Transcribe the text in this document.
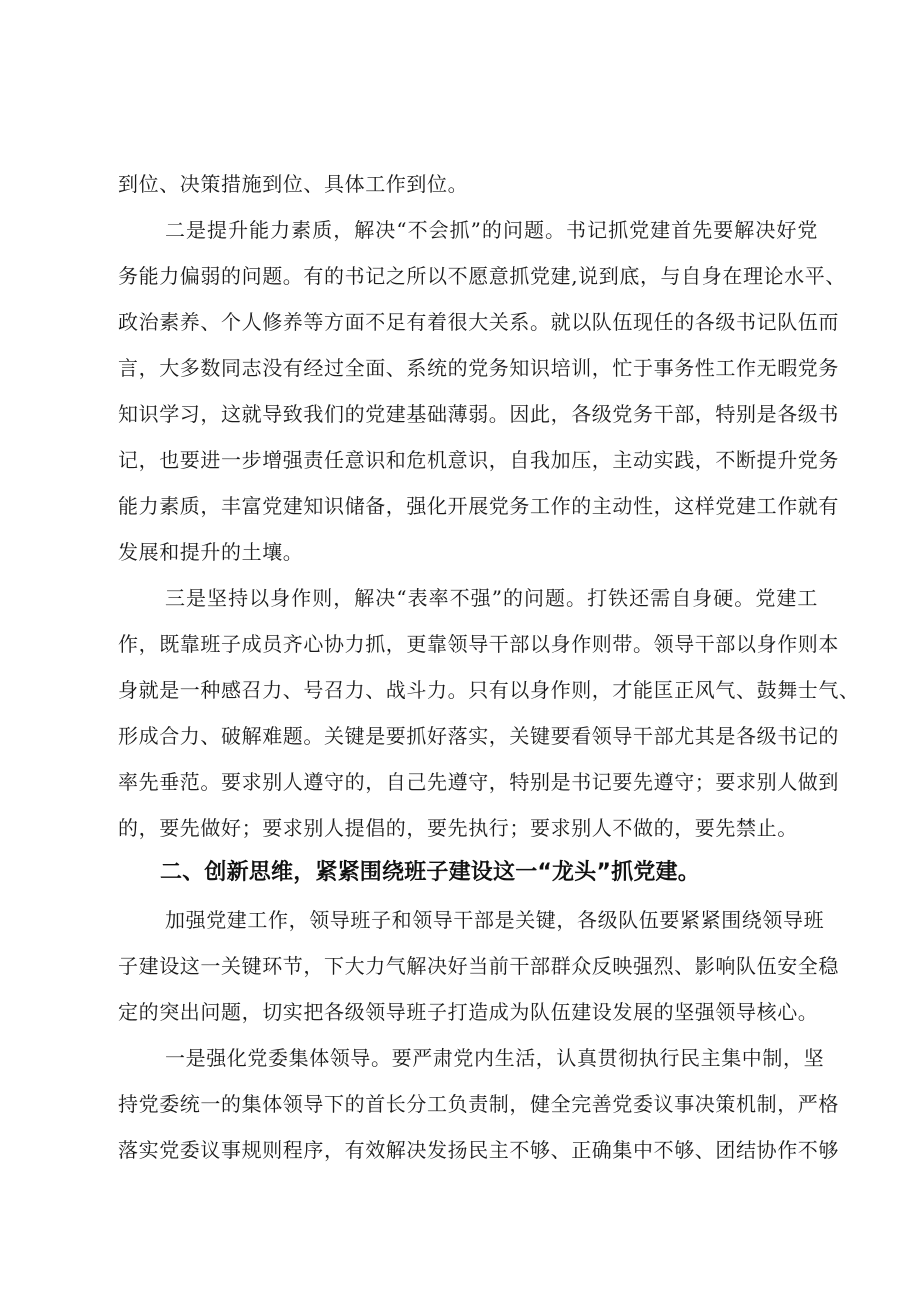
到位、决策措施到位、具体工作到位。
二是提升能力素质，解决“不会抓”的问题。书记抓党建首先要解决好党
务能力偏弱的问题。有的书记之所以不愿意抓党建,说到底，与自身在理论水平、
政治素养、个人修养等方面不足有着很大关系。就以队伍现任的各级书记队伍而
言，大多数同志没有经过全面、系统的党务知识培训，忙于事务性工作无暇党务
知识学习，这就导致我们的党建基础薄弱。因此，各级党务干部，特别是各级书
记，也要进一步增强责任意识和危机意识，自我加压，主动实践，不断提升党务
能力素质，丰富党建知识储备，强化开展党务工作的主动性，这样党建工作就有
发展和提升的土壤。
三是坚持以身作则，解决“表率不强”的问题。打铁还需自身硬。党建工
作，既靠班子成员齐心协力抓，更靠领导干部以身作则带。领导干部以身作则本
身就是一种感召力、号召力、战斗力。只有以身作则，才能匡正风气、鼓舞士气、
形成合力、破解难题。关键是要抓好落实，关键要看领导干部尤其是各级书记的
率先垂范。要求别人遵守的，自己先遵守，特别是书记要先遵守；要求别人做到
的，要先做好；要求别人提倡的，要先执行；要求别人不做的，要先禁止。
二、创新思维，紧紧围绕班子建设这一“龙头”抓党建。
加强党建工作，领导班子和领导干部是关键，各级队伍要紧紧围绕领导班
子建设这一关键环节，下大力气解决好当前干部群众反映强烈、影响队伍安全稳
定的突出问题，切实把各级领导班子打造成为队伍建设发展的坚强领导核心。
一是强化党委集体领导。要严肃党内生活，认真贯彻执行民主集中制，坚
持党委统一的集体领导下的首长分工负责制，健全完善党委议事决策机制，严格
落实党委议事规则程序，有效解决发扬民主不够、正确集中不够、团结协作不够
